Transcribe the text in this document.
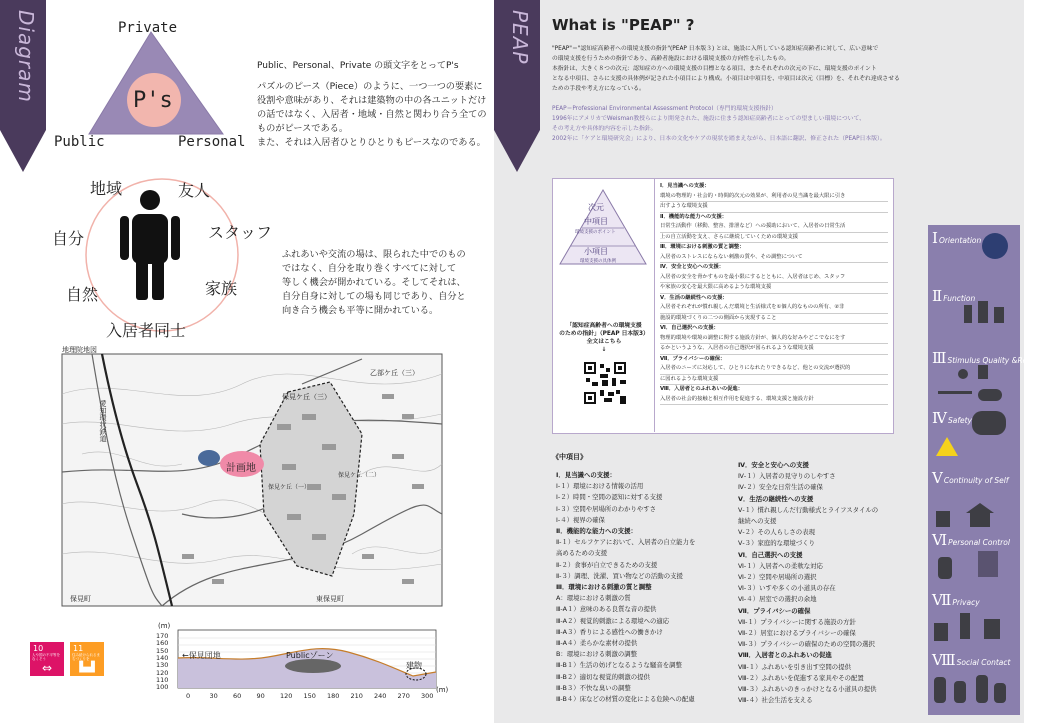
Diagram	Private
Public	Personal
P's
Public、Personal、Private の頭文字をとってP's
パズルのピース（Piece）のように、一つ一つの要素に
役割や意味があり、それは建築物の中の各ユニットだけ
の話ではなく、入居者・地域・自然と関わり合う全ての
ものがピースである。
また、それは入居者ひとりひとりもピースなのである。
地域	友人
自分	スタッフ
自然	家族
入居者同士
ふれあいや交流の場は、限られた中でのもの
ではなく、自分を取り巻くすべてに対して
等しく機会が開かれている。そしてそれは、
自分自身に対しての場も同じであり、自分と
向き合う機会も平等に開かれている。
地理院地図
計画地
乙部ケ丘（三）
保見ケ丘（三）
保見ケ丘（一）
保見ケ丘（二）
保見町	東保見町
愛知環状鉄道
10
人や国の不平等をなくそう
⇔
11
住み続けられるまちづくりを
▙▟
(m)
(m)
170
160
150
140
130
120
110
100
0	30 60 90 120 150 180 210 240 270 300
←保見団地	Publicゾーン
建物
PEAP What is "PEAP" ?
"PEAP"＝"認知症高齢者への環境支援の指針"(PEAP 日本版３) とは、施設に入所している認知症高齢者に対して、広い意味で
の環境支援を行うための指針であり、高齢者施設における環境支援の方向性を示したもの。
本指針は、大きく８つの次元：認知症の方への環境支援の目標となる項目、またそれぞれの次元の下に、環境支援のポイント
となる中項目、さらに支援の具体例が記された小項目により構成。小項目は中項目を、中項目は次元（目標）を、それぞれ達成させる
ための手段や考え方になっている。
PEAP＝Professional Environmental Assessment Protocol（専門的環境支援指針）
1996年にアメリカでWeisman教授らにより開発された、施設に住まう認知症高齢者にとっての望ましい環境について、
その考え方や具体的内容を示した指針。
2002年に「ケアと環境研究会」により、日本の文化やケアの現状を踏まえながら、日本語に翻訳、修正された（PEAP日本版）。
次元
中項目
環境支援のポイント
小項目
環境支援の具体例
「認知症高齢者への環境支援
のための指針」（PEAP 日本版3）
全文はこちら
↓
Ⅰ．見当識への支援：
環境の物理的・社会的・時間的次元の効果が、利用者の見当識を最大限に引き
出すような環境支援
Ⅱ．機能的な能力への支援：
日常生活動作（移動、整容、排泄など）への援助において、入居者の日常生活
上の自立活動を支え、さらに継続していくための環境支援
Ⅲ．環境における刺激の質と調整：
入居者のストレスにならない刺激の質や、その調整について
Ⅳ．安全と安心への支援：
入居者の安全を脅かすものを最小限にするとともに、入居者はじめ、スタッフ
や家族の安心を最大限に高めるような環境支援
Ⅴ．生活の継続性への支援：
入居者それぞれが慣れ親しんだ環境と生活様式を①個人的なものの所有、②非
施設的環境づくりの二つの側面から実現すること
Ⅵ．自己選択への支援：
物理的環境や環境の調整に関する施設方針が、個人的な好みやどこでなにをす
るかというような、入居者の自己選択が図られるような環境支援
Ⅶ．プライバシーの確保：
入居者のニーズに対応して、ひとりになれたりできるなど、他との交流が選択的
に図れるような環境支援
Ⅷ．入居者とのふれあいの促進：
入居者の社会的接触と相互作用を促進する、環境支援と施設方針
《中項目》
Ⅰ．見当識への支援：
Ⅰ-１）環境における情報の活用
Ⅰ-２）時間・空間の認知に対する支援
Ⅰ-３）空間や居場所のわかりやすさ
Ⅰ-４）視界の確保
Ⅱ．機能的な能力への支援：
Ⅱ-１）セルフケアにおいて、入居者の自立能力を
高めるための支援
Ⅱ-２）食事が自立できるための支援
Ⅱ-３）調理、洗濯、買い物などの活動の支援
Ⅲ．環境における刺激の質と調整
A：環境における刺激の質
Ⅲ-A１）意味のある良質な音の提供
Ⅲ-A２）視覚的刺激による環境への適応
Ⅲ-A３）香りによる感性への働きかけ
Ⅲ-A４）柔らかな素材の提供
B：環境における刺激の調整
Ⅲ-B１）生活の妨げとなるような騒音を調整
Ⅲ-B２）適切な視覚的刺激の提供
Ⅲ-B３）不快な臭いの調整
Ⅲ-B４）床などの材質の変化による危険への配慮
Ⅳ．安全と安心への支援
Ⅳ-１）入居者の見守りのしやすさ
Ⅳ-２）安全な日常生活の確保
Ⅴ．生活の継続性への支援
Ⅴ-１）慣れ親しんだ行動様式とライフスタイルの
継続への支援
Ⅴ-２）その人らしさの表現
Ⅴ-３）家庭的な環境づくり
Ⅵ．自己選択への支援
Ⅵ-１）入居者への柔軟な対応
Ⅵ-２）空間や居場所の選択
Ⅵ-３）いすや多くの小道具の存在
Ⅵ-４）居室での選択の余地
Ⅶ．プライバシーの確保
Ⅶ-１）プライバシーに関する施設の方針
Ⅶ-２）居室におけるプライバシーの確保
Ⅶ-３）プライバシーの確保のための空間の選択
Ⅷ．入居者とのふれあいの促進
Ⅷ-１）ふれあいを引き出す空間の提供
Ⅷ-２）ふれあいを促進する家具やその配置
Ⅷ-３）ふれあいのきっかけとなる小道具の提供
Ⅷ-４）社会生活を支える
ⅠOrientation
ⅡFunction
ⅢStimulus Quality &Regulation
ⅣSafety
ⅤContinuity of Self
ⅥPersonal Control
ⅦPrivacy
ⅧSocial Contact
